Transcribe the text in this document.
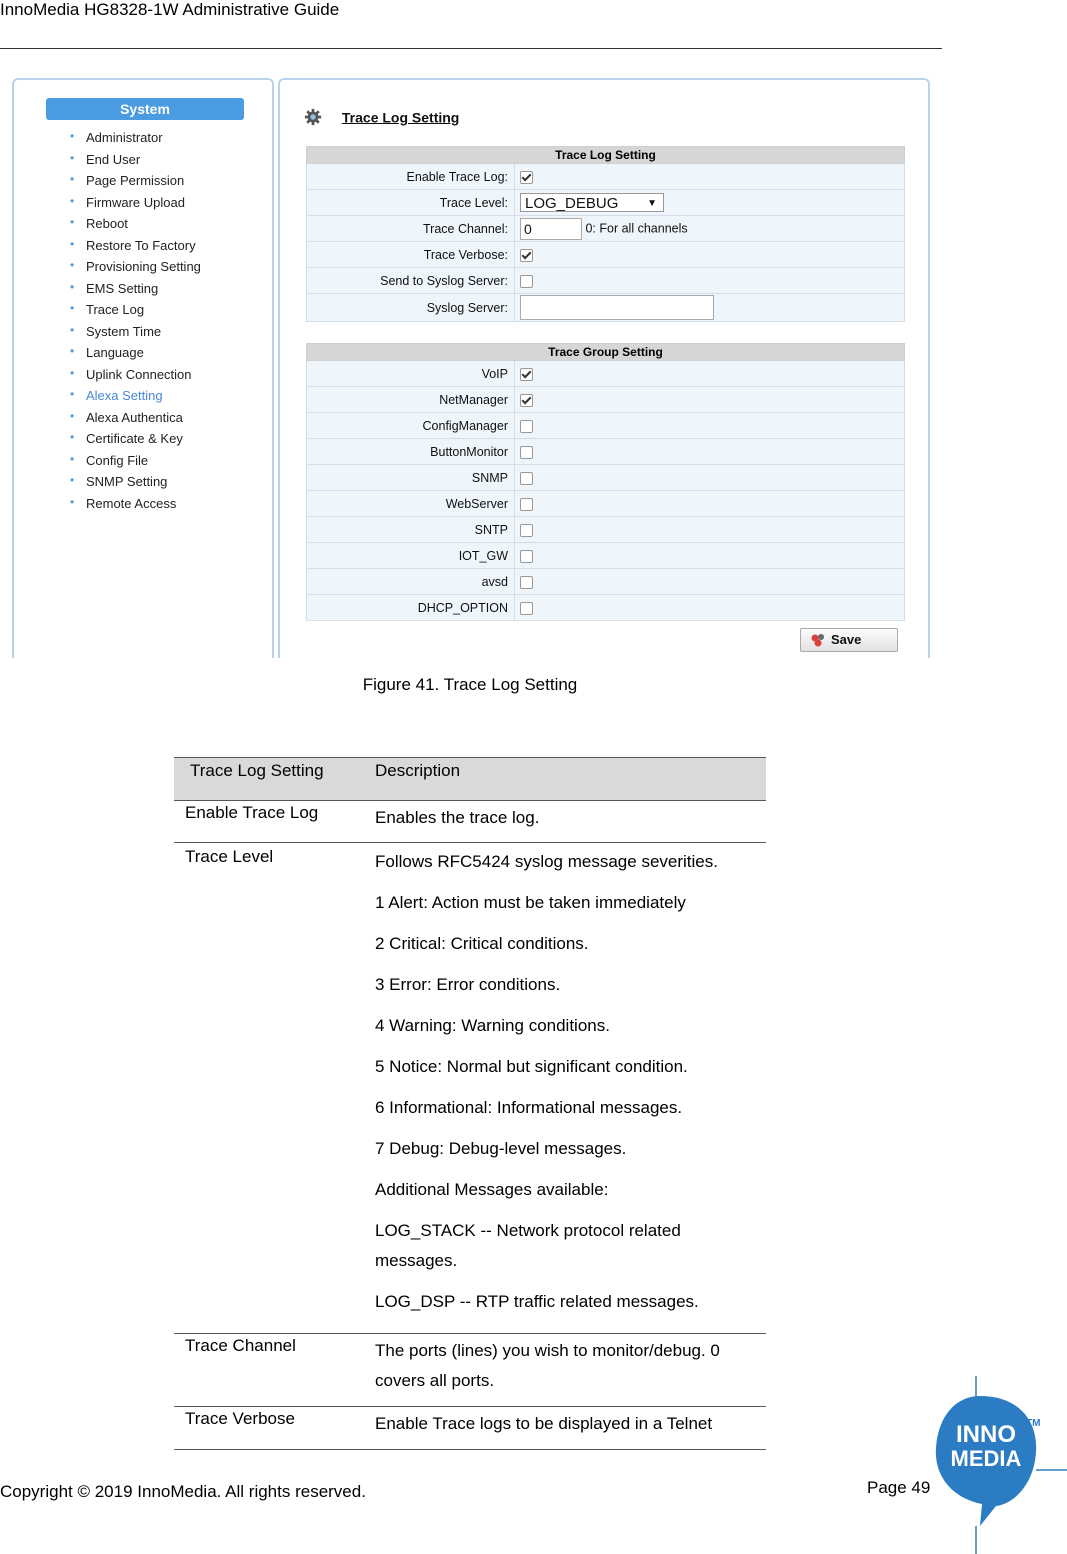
InnoMedia HG8328-1W Administrative Guide
System
• Administrator
• End User
• Page Permission
• Firmware Upload
• Reboot
• Restore To Factory
• Provisioning Setting
• EMS Setting
• Trace Log
• System Time
• Language
• Uplink Connection
• Alexa Setting
• Alexa Authentica
• Certificate & Key
• Config File
• SNMP Setting
• Remote Access
Trace Log Setting
Trace Log Setting	
Enable Trace Log:	
Trace Level:	LOG_DEBUG ▼

Trace Channel:	0 0: For all channels
Trace Verbose:	
Send to Syslog Server:	
Syslog Server:	
Trace Group Setting	
VoIP	
NetManager	
ConfigManager	
ButtonMonitor	
SNMP	
WebServer	
SNTP	
IOT_GW	
avsd	
DHCP_OPTION	
Save
Figure 41. Trace Log Setting
Trace Log Setting	Description
Enable Trace Log	Enables the trace log.

Trace Level	Follows RFC5424 syslog message severities.

1 Alert: Action must be taken immediately

2 Critical: Critical conditions.

3 Error: Error conditions.

4 Warning: Warning conditions.

5 Notice: Normal but significant condition.

6 Informational: Informational messages.

7 Debug: Debug-level messages.

Additional Messages available:

LOG_STACK -- Network protocol related messages.

LOG_DSP -- RTP traffic related messages.

Trace Channel	The ports (lines) you wish to monitor/debug. 0 covers all ports.

Trace Verbose	Enable Trace logs to be displayed in a Telnet

Copyright © 2019 InnoMedia. All rights reserved.	Page 49
INNO
MEDIA
TM
